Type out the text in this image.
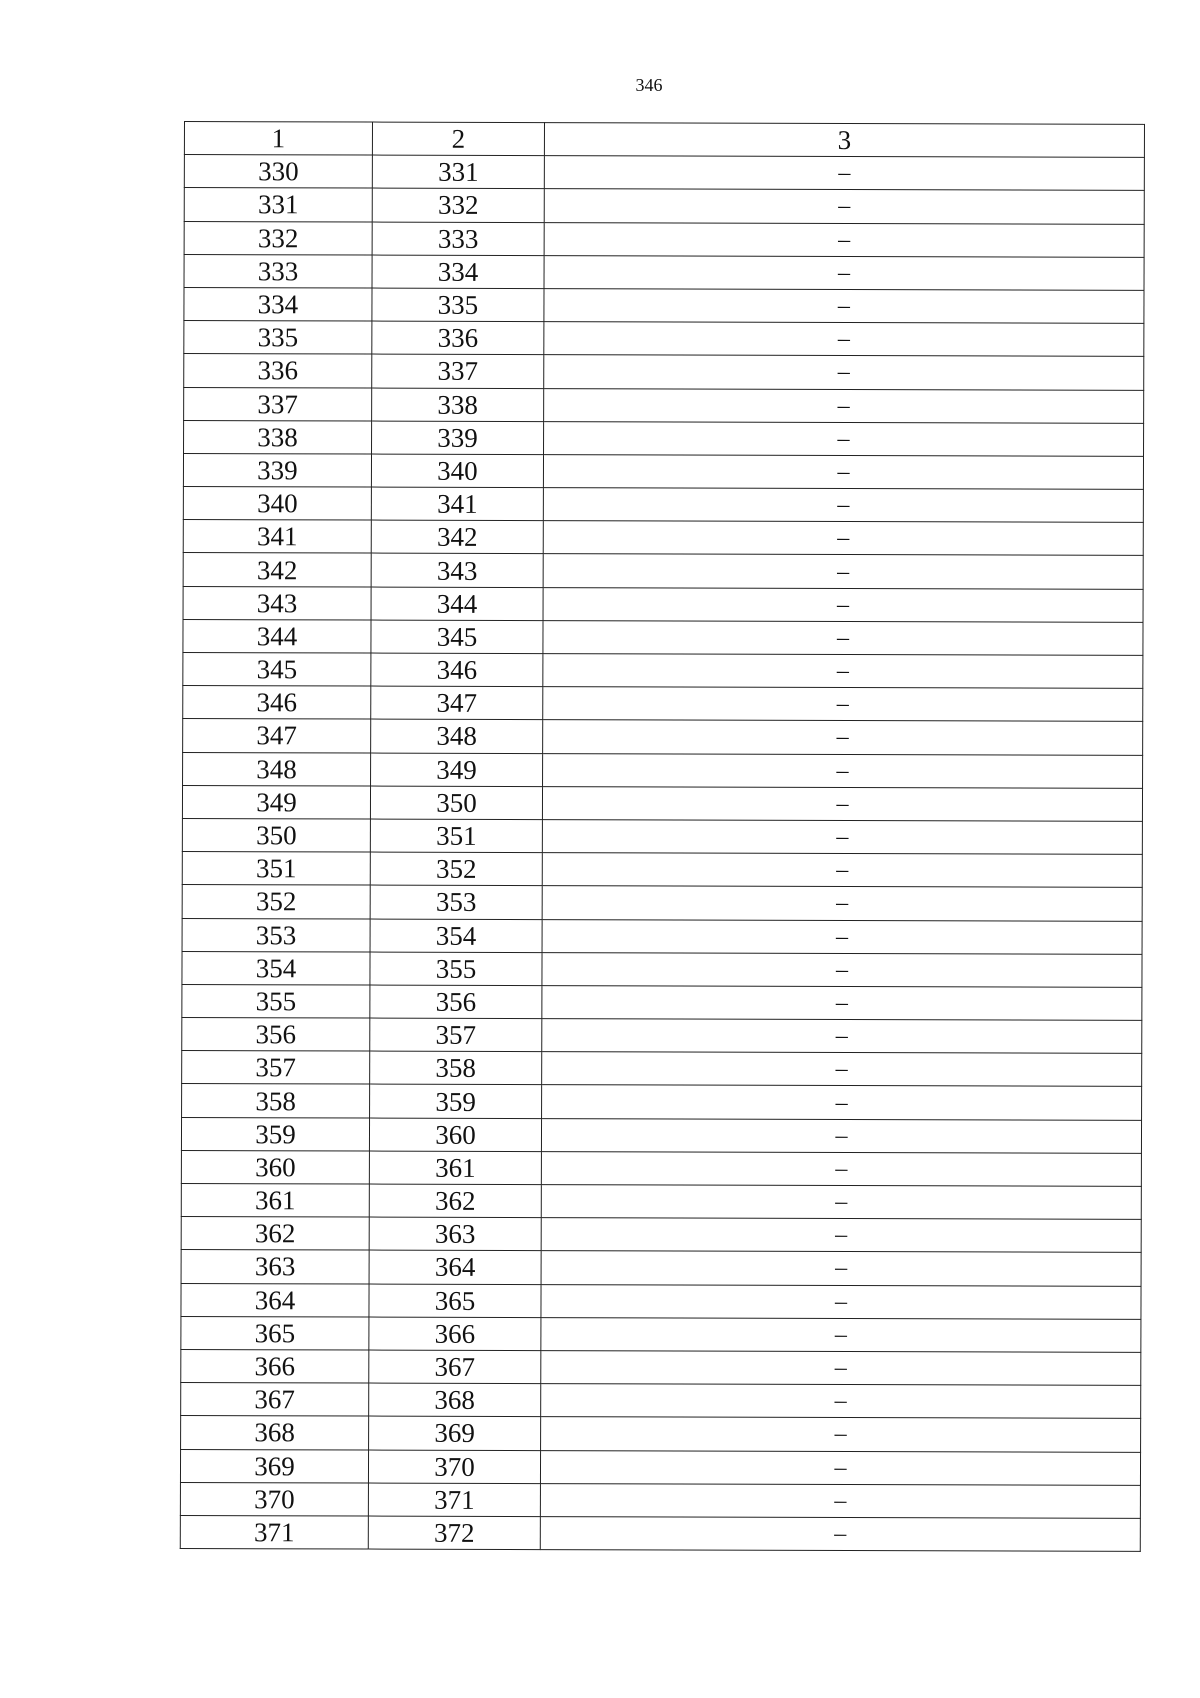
346
1	2	3
330	331	–
331	332	–
332	333	–
333	334	–
334	335	–
335	336	–
336	337	–
337	338	–
338	339	–
339	340	–
340	341	–
341	342	–
342	343	–
343	344	–
344	345	–
345	346	–
346	347	–
347	348	–
348	349	–
349	350	–
350	351	–
351	352	–
352	353	–
353	354	–
354	355	–
355	356	–
356	357	–
357	358	–
358	359	–
359	360	–
360	361	–
361	362	–
362	363	–
363	364	–
364	365	–
365	366	–
366	367	–
367	368	–
368	369	–
369	370	–
370	371	–
371	372	–
